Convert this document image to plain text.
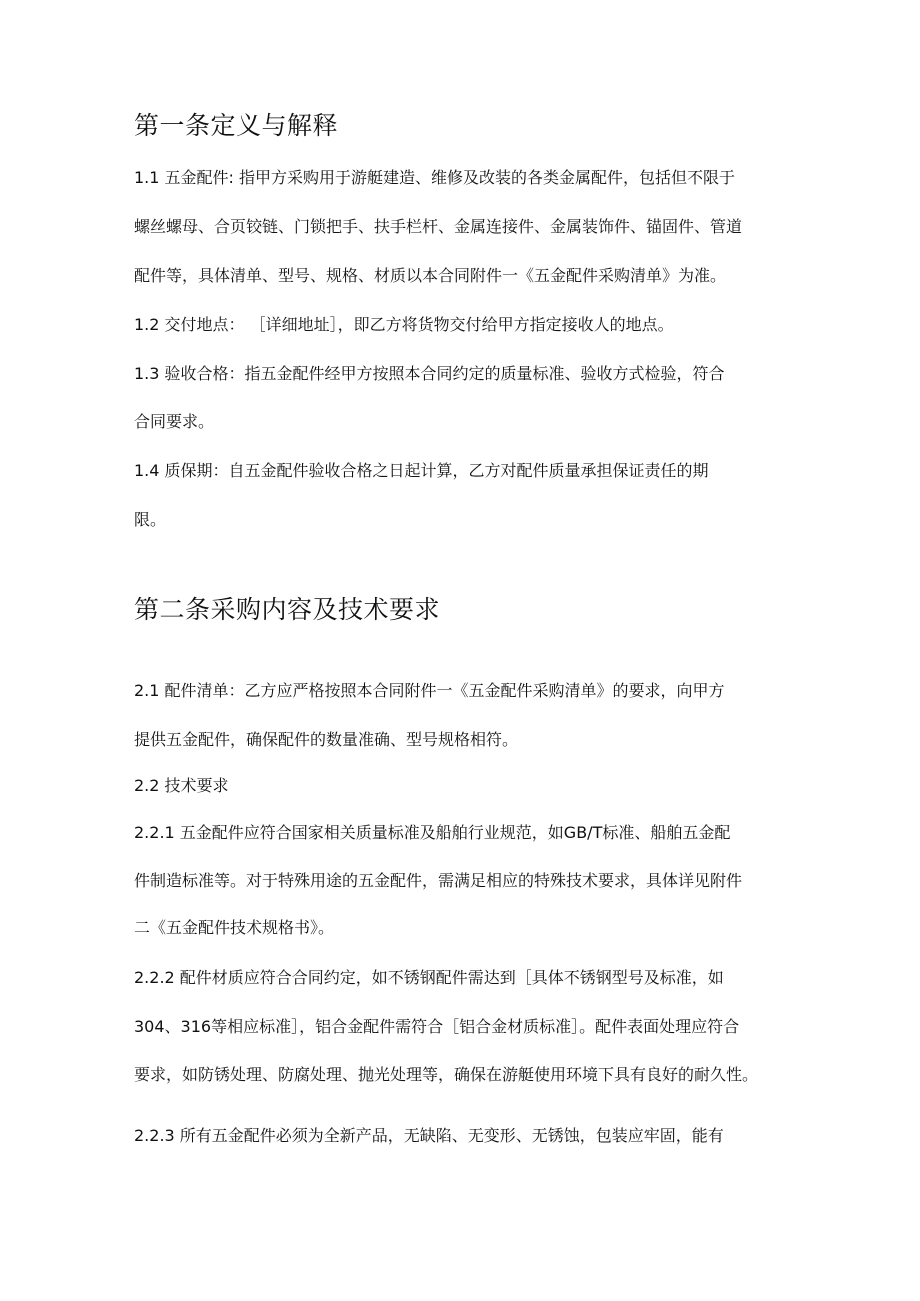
第一条定义与解释

1.1 五金配件: 指甲方采购用于游艇建造、维修及改装的各类金属配件，包括但不限于

螺丝螺母、合页铰链、门锁把手、扶手栏杆、金属连接件、金属装饰件、锚固件、管道

配件等，具体清单、型号、规格、材质以本合同附件一《五金配件采购清单》为准。

1.2 交付地点： ［详细地址］，即乙方将货物交付给甲方指定接收人的地点。

1.3 验收合格：指五金配件经甲方按照本合同约定的质量标准、验收方式检验，符合

合同要求。

1.4 质保期：自五金配件验收合格之日起计算，乙方对配件质量承担保证责任的期

限。

第二条采购内容及技术要求

2.1 配件清单：乙方应严格按照本合同附件一《五金配件采购清单》的要求，向甲方

提供五金配件，确保配件的数量准确、型号规格相符。

2.2 技术要求

2.2.1 五金配件应符合国家相关质量标准及船舶行业规范，如GB/T标准、船舶五金配

件制造标准等。对于特殊用途的五金配件，需满足相应的特殊技术要求，具体详见附件

二《五金配件技术规格书》。

2.2.2 配件材质应符合合同约定，如不锈钢配件需达到［具体不锈钢型号及标准，如

304、316等相应标准］，铝合金配件需符合［铝合金材质标准］。配件表面处理应符合

要求，如防锈处理、防腐处理、抛光处理等，确保在游艇使用环境下具有良好的耐久性。

2.2.3 所有五金配件必须为全新产品，无缺陷、无变形、无锈蚀，包装应牢固，能有
